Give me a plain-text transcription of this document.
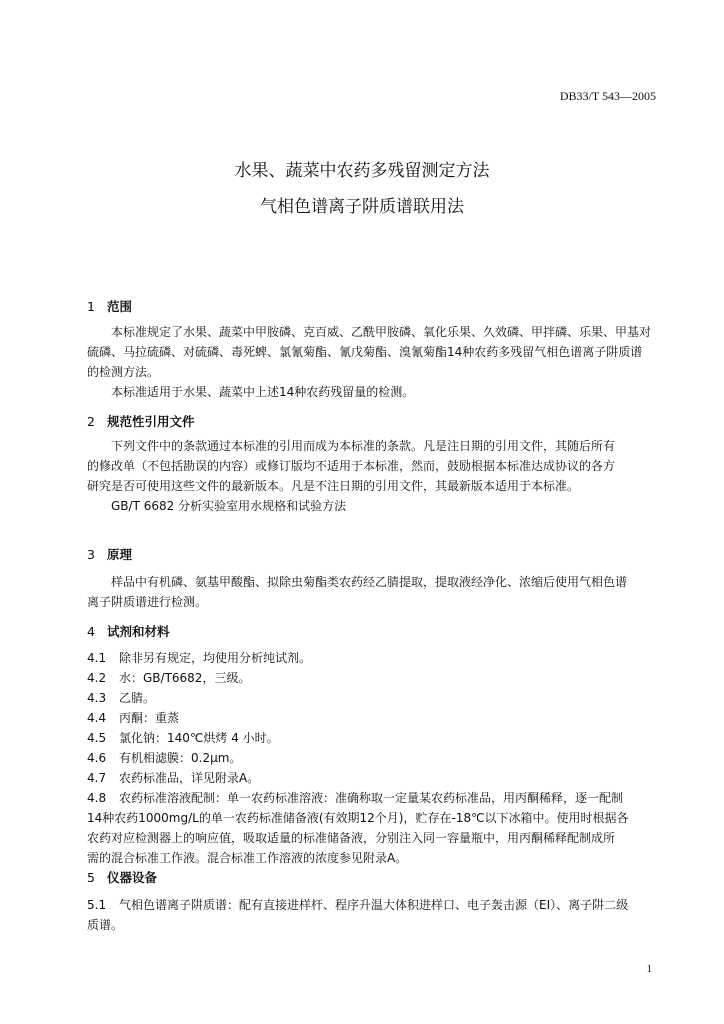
DB33/T 543—2005
水果、蔬菜中农药多残留测定方法
气相色谱离子阱质谱联用法
1 范围
本标准规定了水果、蔬菜中甲胺磷、克百威、乙酰甲胺磷、氧化乐果、久效磷、甲拌磷、乐果、甲基对
硫磷、马拉硫磷、对硫磷、毒死蜱、氯氰菊酯、氰戊菊酯、溴氰菊酯14种农药多残留气相色谱离子阱质谱
的检测方法。
本标准适用于水果、蔬菜中上述14种农药残留量的检测。
2 规范性引用文件
下列文件中的条款通过本标准的引用而成为本标准的条款。凡是注日期的引用文件，其随后所有
的修改单（不包括勘误的内容）或修订版均不适用于本标准，然而，鼓励根据本标准达成协议的各方
研究是否可使用这些文件的最新版本。凡是不注日期的引用文件，其最新版本适用于本标准。
GB/T 6682 分析实验室用水规格和试验方法
3 原理
样品中有机磷、氨基甲酸酯、拟除虫菊酯类农药经乙腈提取，提取液经净化、浓缩后使用气相色谱
离子阱质谱进行检测。
4 试剂和材料
4.1 除非另有规定，均使用分析纯试剂。
4.2 水：GB/T6682，三级。
4.3 乙腈。
4.4 丙酮：重蒸
4.5 氯化钠：140℃烘烤 4 小时。
4.6 有机相滤膜：0.2μm。
4.7 农药标准品，详见附录A。
4.8 农药标准溶液配制：单一农药标准溶液：准确称取一定量某农药标准品，用丙酮稀释，逐一配制
14种农药1000mg/L的单一农药标准储备液(有效期12个月)，贮存在-18℃以下冰箱中。使用时根据各
农药对应检测器上的响应值，吸取适量的标准储备液，分别注入同一容量瓶中，用丙酮稀释配制成所
需的混合标准工作液。混合标准工作溶液的浓度参见附录A。
5 仪器设备
5.1 气相色谱离子阱质谱：配有直接进样杆、程序升温大体积进样口、电子轰击源（EI）、离子阱二级
质谱。
1
